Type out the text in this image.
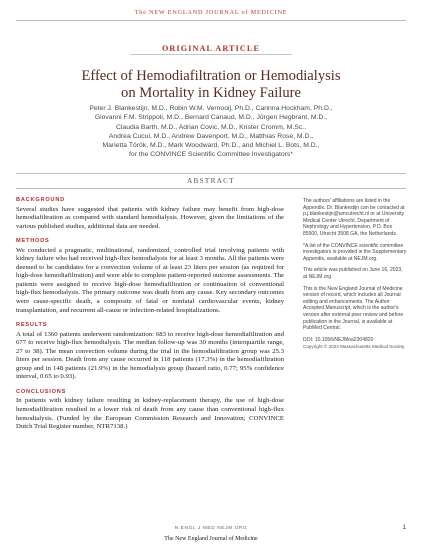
The NEW ENGLAND JOURNAL of MEDICINE
ORIGINAL ARTICLE
Effect of Hemodiafiltration or Hemodialysis
on Mortality in Kidney Failure
Peter J. Blankestijn, M.D., Robin W.M. Vernooij, Ph.D., Carinna Hockham, Ph.D.,
Giovanni F.M. Strippoli, M.D., Bernard Canaud, M.D., Jörgen Hegbrant, M.D.,
Claudia Barth, M.D., Adrian Covic, M.D., Krister Cromm, M.Sc.,
Andrea Cucui, M.D., Andrew Davenport, M.D., Matthias Rose, M.D.,
Marietta Török, M.D., Mark Woodward, Ph.D., and Michiel L. Bots, M.D.,
for the CONVINCE Scientific Committee Investigators*
ABSTRACT
BACKGROUND

Several studies have suggested that patients with kidney failure may benefit from high-dose hemodiafiltration as compared with standard hemodialysis. However, given the limitations of the various published studies, additional data are needed.

METHODS

We conducted a pragmatic, multinational, randomized, controlled trial involving patients with kidney failure who had received high-flux hemodialysis for at least 3 months. All the patients were deemed to be candidates for a convection volume of at least 23 liters per session (as required for high-dose hemodiafiltration) and were able to complete patient-reported outcome assessments. The patients were assigned to receive high-dose hemodiafiltration or continuation of conventional high-flux hemodialysis. The primary outcome was death from any cause. Key secondary outcomes were cause-specific death, a composite of fatal or nonfatal cardiovascular events, kidney transplantation, and recurrent all-cause or infection-related hospitalizations.

RESULTS

A total of 1360 patients underwent randomization: 683 to receive high-dose hemodiafiltration and 677 to receive high-flux hemodialysis. The median follow-up was 30 months (interquartile range, 27 to 38). The mean convection volume during the trial in the hemodiafiltration group was 25.3 liters per session. Death from any cause occurred in 118 patients (17.3%) in the hemodiafiltration group and in 148 patients (21.9%) in the hemodialysis group (hazard ratio, 0.77; 95% confidence interval, 0.65 to 0.93).

CONCLUSIONS

In patients with kidney failure resulting in kidney-replacement therapy, the use of high-dose hemodiafiltration resulted in a lower risk of death from any cause than conventional high-flux hemodialysis. (Funded by the European Commission Research and Innovation; CONVINCE Dutch Trial Register number, NTR7138.)

The authors' affiliations are listed in the Appendix. Dr. Blankestijn can be contacted at p.j.blankestijn@umcutrecht.nl or at University Medical Center Utrecht, Department of Nephrology and Hypertension, P.O. Box 85500, Utrecht 3508 GA, the Netherlands.

*A list of the CONVINCE scientific committee investigators is provided in the Supplementary Appendix, available at NEJM.org.

This article was published on June 16, 2023, at NEJM.org.

This is the New England Journal of Medicine version of record, which includes all Journal editing and enhancements. The Author Accepted Manuscript, which is the author's version after external peer review and before publication in the Journal, is available at PubMed Central.

DOI: 10.1056/NEJMoa2304820

Copyright © 2023 Massachusetts Medical Society.

N ENGL J MED NEJM.ORG	1
The New England Journal of Medicine
